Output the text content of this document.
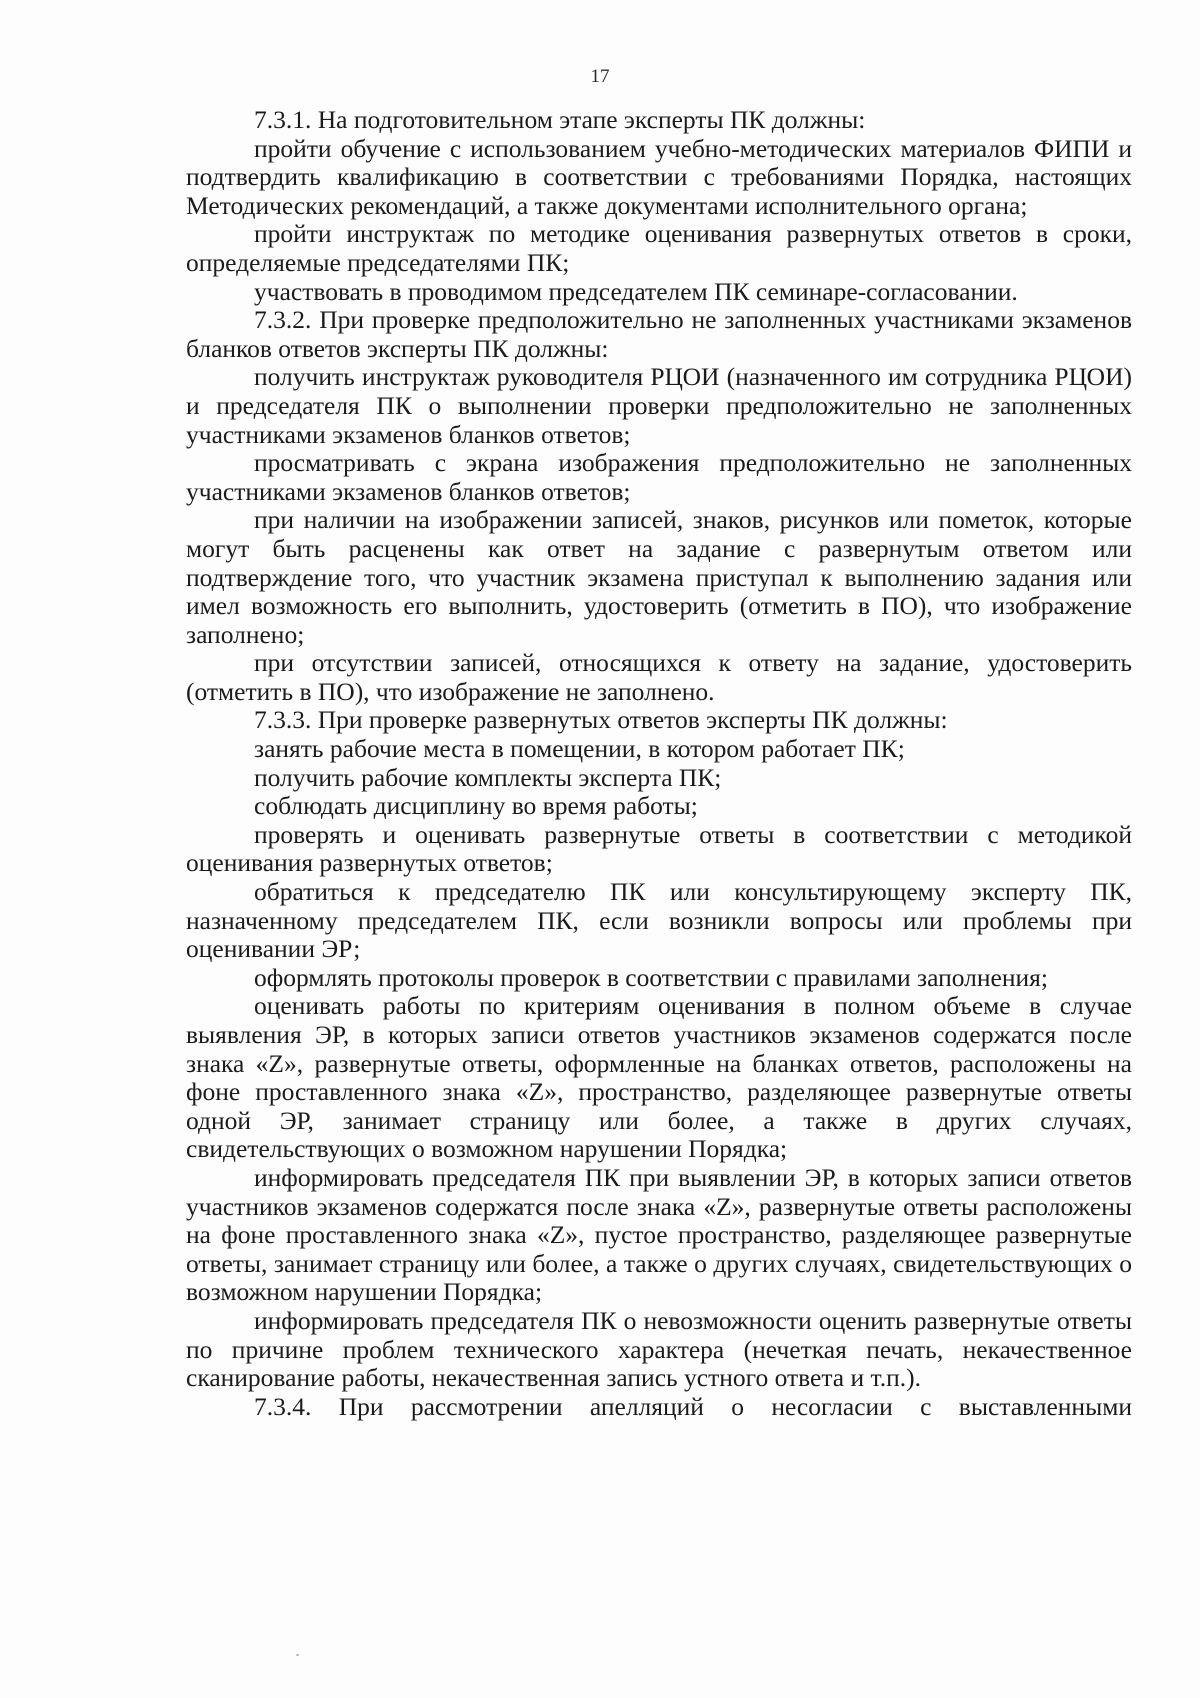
17

7.3.1. На подготовительном этапе эксперты ПК должны:

пройти обучение с использованием учебно-методических материалов ФИПИ и подтвердить квалификацию в соответствии с требованиями Порядка, настоящих Методических рекомендаций, а также документами исполнительного органа;

пройти инструктаж по методике оценивания развернутых ответов в сроки, определяемые председателями ПК;

участвовать в проводимом председателем ПК семинаре-согласовании.

7.3.2. При проверке предположительно не заполненных участниками экзаменов бланков ответов эксперты ПК должны:

получить инструктаж руководителя РЦОИ (назначенного им сотрудника РЦОИ) и председателя ПК о выполнении проверки предположительно не заполненных участниками экзаменов бланков ответов;

просматривать с экрана изображения предположительно не заполненных участниками экзаменов бланков ответов;

при наличии на изображении записей, знаков, рисунков или пометок, которые могут быть расценены как ответ на задание с развернутым ответом или подтверждение того, что участник экзамена приступал к выполнению задания или имел возможность его выполнить, удостоверить (отметить в ПО), что изображение заполнено;

при отсутствии записей, относящихся к ответу на задание, удостоверить (отметить в ПО), что изображение не заполнено.

7.3.3. При проверке развернутых ответов эксперты ПК должны:

занять рабочие места в помещении, в котором работает ПК;

получить рабочие комплекты эксперта ПК;

соблюдать дисциплину во время работы;

проверять и оценивать развернутые ответы в соответствии с методикой оценивания развернутых ответов;

обратиться к председателю ПК или консультирующему эксперту ПК, назначенному председателем ПК, если возникли вопросы или проблемы при оценивании ЭР;

оформлять протоколы проверок в соответствии с правилами заполнения;

оценивать работы по критериям оценивания в полном объеме в случае выявления ЭР, в которых записи ответов участников экзаменов содержатся после знака «Z», развернутые ответы, оформленные на бланках ответов, расположены на фоне проставленного знака «Z», пространство, разделяющее развернутые ответы одной ЭР, занимает страницу или более, а также в других случаях, свидетельствующих о возможном нарушении Порядка;

информировать председателя ПК при выявлении ЭР, в которых записи ответов участников экзаменов содержатся после знака «Z», развернутые ответы расположены на фоне проставленного знака «Z», пустое пространство, разделяющее развернутые ответы, занимает страницу или более, а также о других случаях, свидетельствующих о возможном нарушении Порядка;

информировать председателя ПК о невозможности оценить развернутые ответы по причине проблем технического характера (нечеткая печать, некачественное сканирование работы, некачественная запись устного ответа и т.п.).

7.3.4. При рассмотрении апелляций о несогласии с выставленными
